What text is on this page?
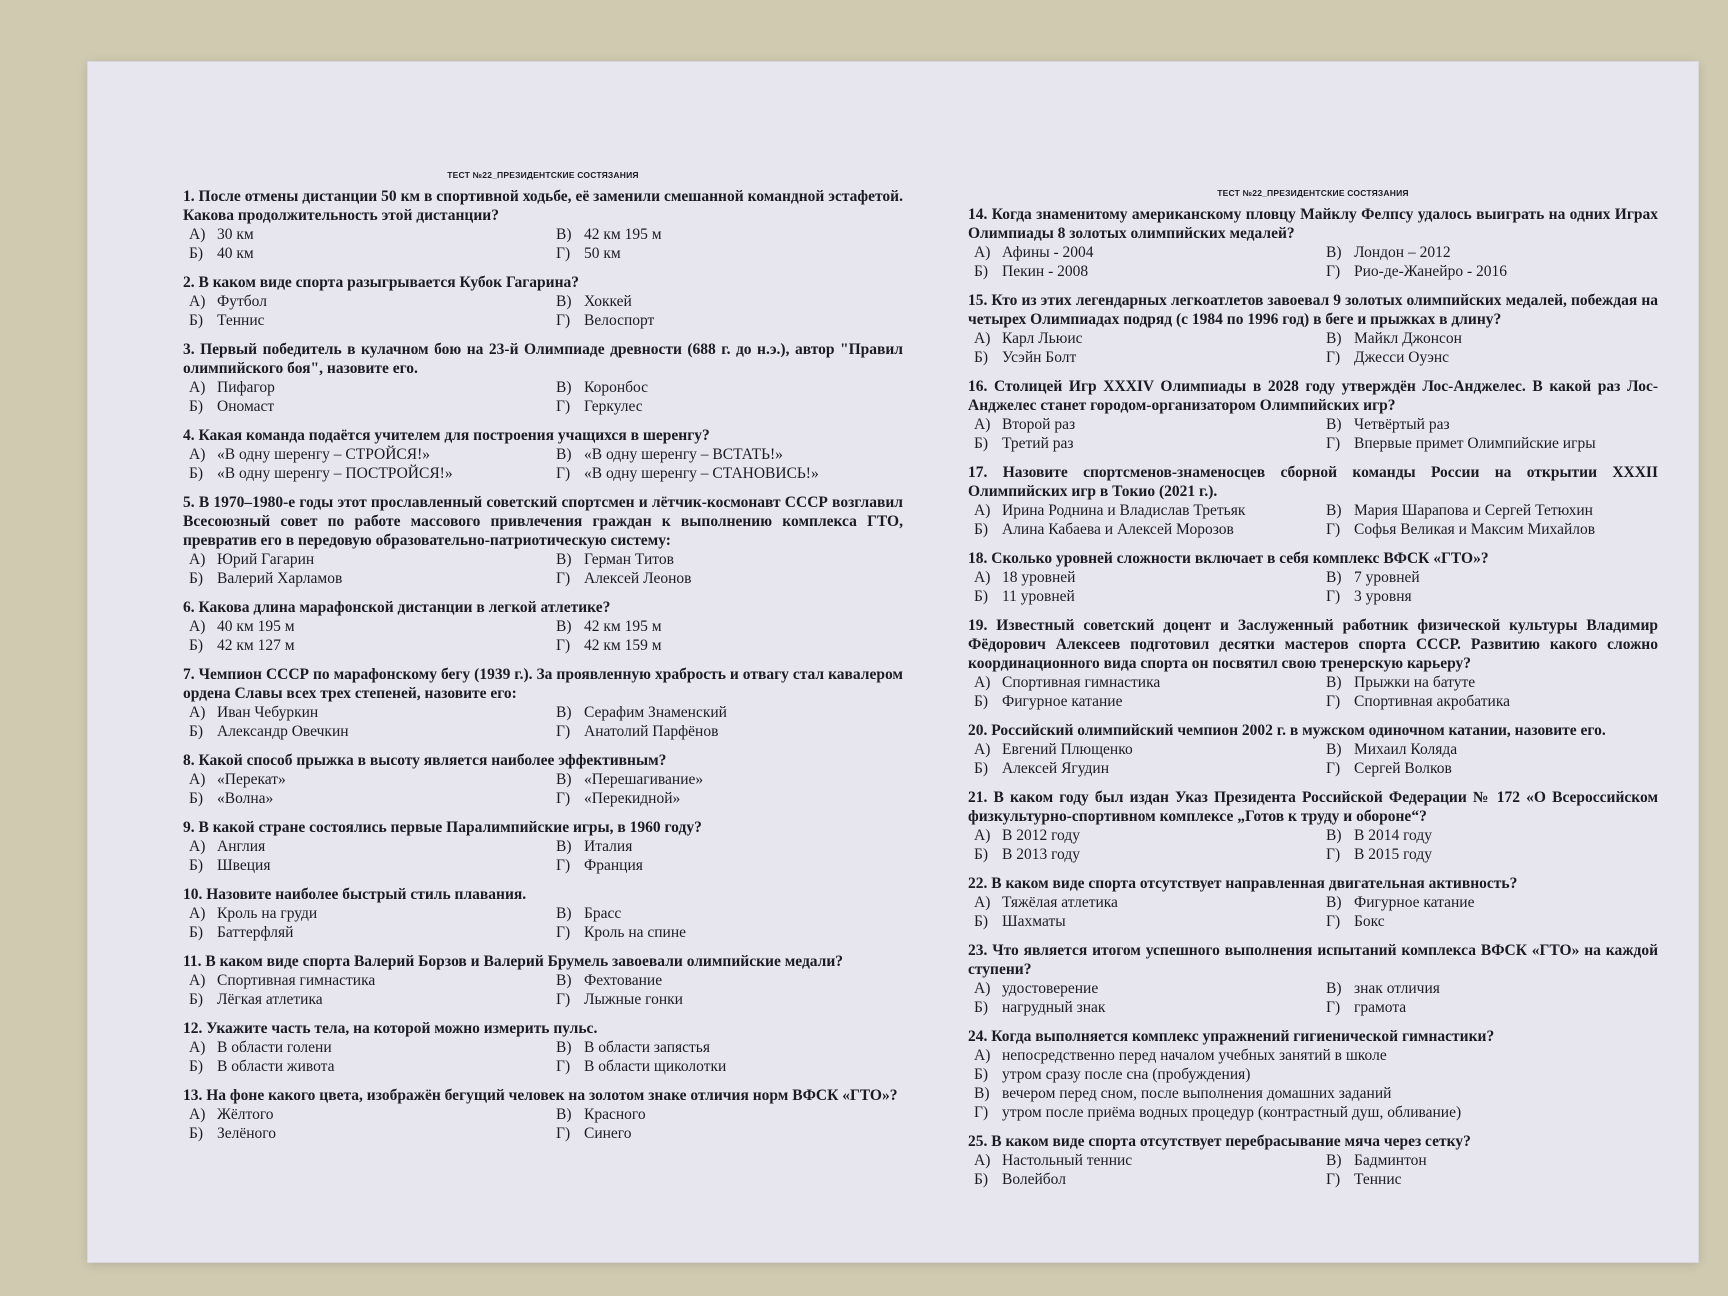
ТЕСТ №22_ПРЕЗИДЕНТСКИЕ СОСТЯЗАНИЯ
1. После отмены дистанции 50 км в спортивной ходьбе, её заменили смешанной командной эстафетой. Какова продолжительность этой дистанции?
А) 30 км	В) 42 км 195 м
Б) 40 км	Г) 50 км
2. В каком виде спорта разыгрывается Кубок Гагарина?
А) Футбол	В) Хоккей
Б) Теннис	Г) Велоспорт
3. Первый победитель в кулачном бою на 23-й Олимпиаде древности (688 г. до н.э.), автор "Правил олимпийского боя", назовите его.
А) Пифагор	В) Коронбос
Б) Ономаст	Г) Геркулес
4. Какая команда подаётся учителем для построения учащихся в шеренгу?
А) «В одну шеренгу – СТРОЙСЯ!»	В) «В одну шеренгу – ВСТАТЬ!»
Б) «В одну шеренгу – ПОСТРОЙСЯ!»	Г) «В одну шеренгу – СТАНОВИСЬ!»
5. В 1970–1980-е годы этот прославленный советский спортсмен и лётчик-космонавт СССР возглавил Всесоюзный совет по работе массового привлечения граждан к выполнению комплекса ГТО, превратив его в передовую образовательно-патриотическую систему:
А) Юрий Гагарин	В) Герман Титов
Б) Валерий Харламов	Г) Алексей Леонов
6. Какова длина марафонской дистанции в легкой атлетике?
А) 40 км 195 м	В) 42 км 195 м
Б) 42 км 127 м	Г) 42 км 159 м
7. Чемпион СССР по марафонскому бегу (1939 г.). За проявленную храбрость и отвагу стал кавалером ордена Славы всех трех степеней, назовите его:
А) Иван Чебуркин	В) Серафим Знаменский
Б) Александр Овечкин	Г) Анатолий Парфёнов
8. Какой способ прыжка в высоту является наиболее эффективным?
А) «Перекат»	В) «Перешагивание»
Б) «Волна»	Г) «Перекидной»
9. В какой стране состоялись первые Паралимпийские игры, в 1960 году?
А) Англия	В) Италия
Б) Швеция	Г) Франция
10. Назовите наиболее быстрый стиль плавания.
А) Кроль на груди	В) Брасс
Б) Баттерфляй	Г) Кроль на спине
11. В каком виде спорта Валерий Борзов и Валерий Брумель завоевали олимпийские медали?
А) Спортивная гимнастика	В) Фехтование
Б) Лёгкая атлетика	Г) Лыжные гонки
12. Укажите часть тела, на которой можно измерить пульс.
А) В области голени	В) В области запястья
Б) В области живота	Г) В области щиколотки
13. На фоне какого цвета, изображён бегущий человек на золотом знаке отличия норм ВФСК «ГТО»?
А) Жёлтого	В) Красного
Б) Зелёного	Г) Синего
ТЕСТ №22_ПРЕЗИДЕНТСКИЕ СОСТЯЗАНИЯ
14. Когда знаменитому американскому пловцу Майклу Фелпсу удалось выиграть на одних Играх Олимпиады 8 золотых олимпийских медалей?
А) Афины - 2004	В) Лондон – 2012
Б) Пекин - 2008	Г) Рио-де-Жанейро - 2016
15. Кто из этих легендарных легкоатлетов завоевал 9 золотых олимпийских медалей, побеждая на четырех Олимпиадах подряд (с 1984 по 1996 год) в беге и прыжках в длину?
А) Карл Льюис	В) Майкл Джонсон
Б) Усэйн Болт	Г) Джесси Оуэнс
16. Столицей Игр XXXIV Олимпиады в 2028 году утверждён Лос-Анджелес. В какой раз Лос-Анджелес станет городом-организатором Олимпийских игр?
А) Второй раз	В) Четвёртый раз
Б) Третий раз	Г) Впервые примет Олимпийские игры
17. Назовите спортсменов-знаменосцев сборной команды России на открытии XXXII Олимпийских игр в Токио (2021 г.).
А) Ирина Роднина и Владислав Третьяк	В) Мария Шарапова и Сергей Тетюхин
Б) Алина Кабаева и Алексей Морозов	Г) Софья Великая и Максим Михайлов
18. Сколько уровней сложности включает в себя комплекс ВФСК «ГТО»?
А) 18 уровней	В) 7 уровней
Б) 11 уровней	Г) 3 уровня
19. Известный советский доцент и Заслуженный работник физической культуры Владимир Фёдорович Алексеев подготовил десятки мастеров спорта СССР. Развитию какого сложно координационного вида спорта он посвятил свою тренерскую карьеру?
А) Спортивная гимнастика	В) Прыжки на батуте
Б) Фигурное катание	Г) Спортивная акробатика
20. Российский олимпийский чемпион 2002 г. в мужском одиночном катании, назовите его.
А) Евгений Плющенко	В) Михаил Коляда
Б) Алексей Ягудин	Г) Сергей Волков
21. В каком году был издан Указ Президента Российской Федерации № 172 «О Всероссийском физкультурно-спортивном комплексе „Готов к труду и обороне“?
А) В 2012 году	В) В 2014 году
Б) В 2013 году	Г) В 2015 году
22. В каком виде спорта отсутствует направленная двигательная активность?
А) Тяжёлая атлетика	В) Фигурное катание
Б) Шахматы	Г) Бокс
23. Что является итогом успешного выполнения испытаний комплекса ВФСК «ГТО» на каждой ступени?
А) удостоверение	В) знак отличия
Б) нагрудный знак	Г) грамота
24. Когда выполняется комплекс упражнений гигиенической гимнастики?
А) непосредственно перед началом учебных занятий в школе
Б) утром сразу после сна (пробуждения)
В) вечером перед сном, после выполнения домашних заданий
Г) утром после приёма водных процедур (контрастный душ, обливание)
25. В каком виде спорта отсутствует перебрасывание мяча через сетку?
А) Настольный теннис	В) Бадминтон
Б) Волейбол	Г) Теннис
